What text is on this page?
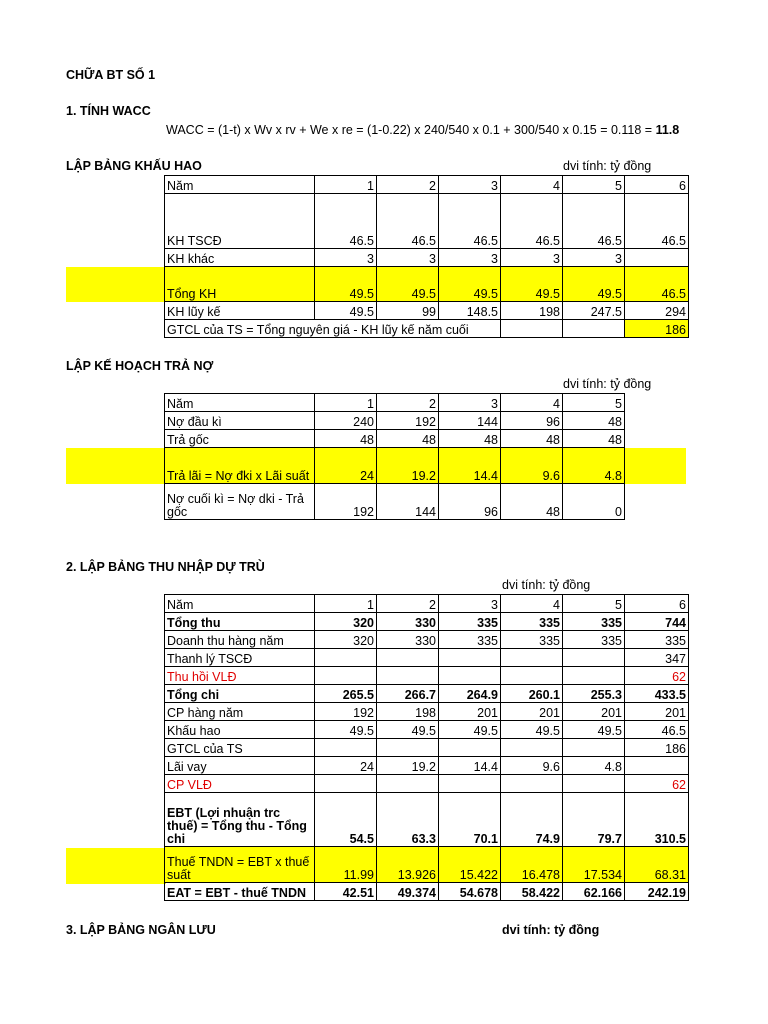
CHỮA BT SỐ 1
1. TÍNH WACC
WACC = (1-t) x Wv x rv + We x re = (1-0.22) x 240/540 x 0.1 + 300/540 x 0.15 = 0.118 = 11.8
LẬP BẢNG KHẤU HAO	dvi tính: tỷ đồng
Năm	1	2	3	4	5	6
KH TSCĐ	46.5	46.5	46.5	46.5	46.5	46.5
KH khác	3	3	3	3	3	
Tổng KH	49.5	49.5	49.5	49.5	49.5	46.5
KH lũy kế	49.5	99	148.5	198	247.5	294
GTCL của TS = Tổng nguyên giá - KH lũy kế năm cuối						186
LẬP KẾ HOẠCH TRẢ NỢ
dvi tính: tỷ đồng
Năm	1	2	3	4	5
Nợ đầu kì	240	192	144	96	48
Trả gốc	48	48	48	48	48
Trả lãi = Nợ đki x Lãi suất	24	19.2	14.4	9.6	4.8
Nợ cuối kì = Nợ dki - Trả gốc	192	144	96	48	0
2. LẬP BẢNG THU NHẬP DỰ TRÙ
dvi tính: tỷ đồng
Năm	1	2	3	4	5	6
Tổng thu	320	330	335	335	335	744
Doanh thu hàng năm	320	330	335	335	335	335
Thanh lý TSCĐ						347
Thu hồi VLĐ						62
Tổng chi	265.5	266.7	264.9	260.1	255.3	433.5
CP hàng năm	192	198	201	201	201	201
Khấu hao	49.5	49.5	49.5	49.5	49.5	46.5
GTCL của TS						186
Lãi vay	24	19.2	14.4	9.6	4.8	
CP VLĐ						62
EBT (Lợi nhuận trc thuế) = Tổng thu - Tổng chi	54.5	63.3	70.1	74.9	79.7	310.5
Thuế TNDN = EBT x thuế suất	11.99	13.926	15.422	16.478	17.534	68.31
EAT = EBT - thuế TNDN	42.51	49.374	54.678	58.422	62.166	242.19
3. LẬP BẢNG NGÂN LƯU	dvi tính: tỷ đồng
